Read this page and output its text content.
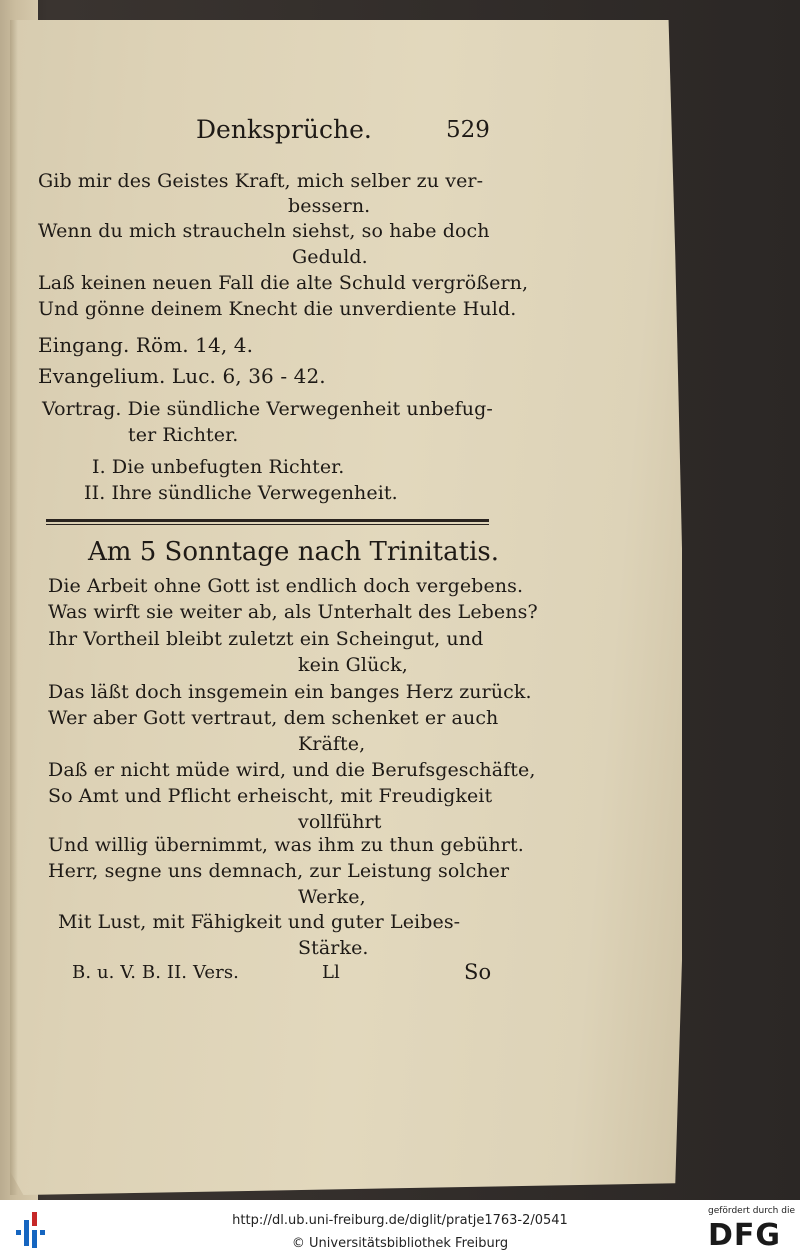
Denksprüche.	529
Gib mir des Geistes Kraft, mich selber zu ver-
bessern.
Wenn du mich straucheln siehst, so habe doch
Geduld.
Laß keinen neuen Fall die alte Schuld vergrößern,
Und gönne deinem Knecht die unverdiente Huld.
Eingang. Röm. 14, 4.
Evangelium. Luc. 6, 36 - 42.
Vortrag. Die sündliche Verwegenheit unbefug-
ter Richter.
I. Die unbefugten Richter.
II. Ihre sündliche Verwegenheit.
Am 5 Sonntage nach Trinitatis.
Die Arbeit ohne Gott ist endlich doch vergebens.
Was wirft sie weiter ab, als Unterhalt des Lebens?
Ihr Vortheil bleibt zuletzt ein Scheingut, und
kein Glück,
Das läßt doch insgemein ein banges Herz zurück.
Wer aber Gott vertraut, dem schenket er auch
Kräfte,
Daß er nicht müde wird, und die Berufsgeschäfte,
So Amt und Pflicht erheischt, mit Freudigkeit
vollführt
Und willig übernimmt, was ihm zu thun gebührt.
Herr, segne uns demnach, zur Leistung solcher
Werke,
Mit Lust, mit Fähigkeit und guter Leibes-
Stärke.
B. u. V. B. II. Vers.	Ll	So
http://dl.ub.uni-freiburg.de/diglit/pratje1763-2/0541
© Universitätsbibliothek Freiburg
gefördert durch die
DFG
